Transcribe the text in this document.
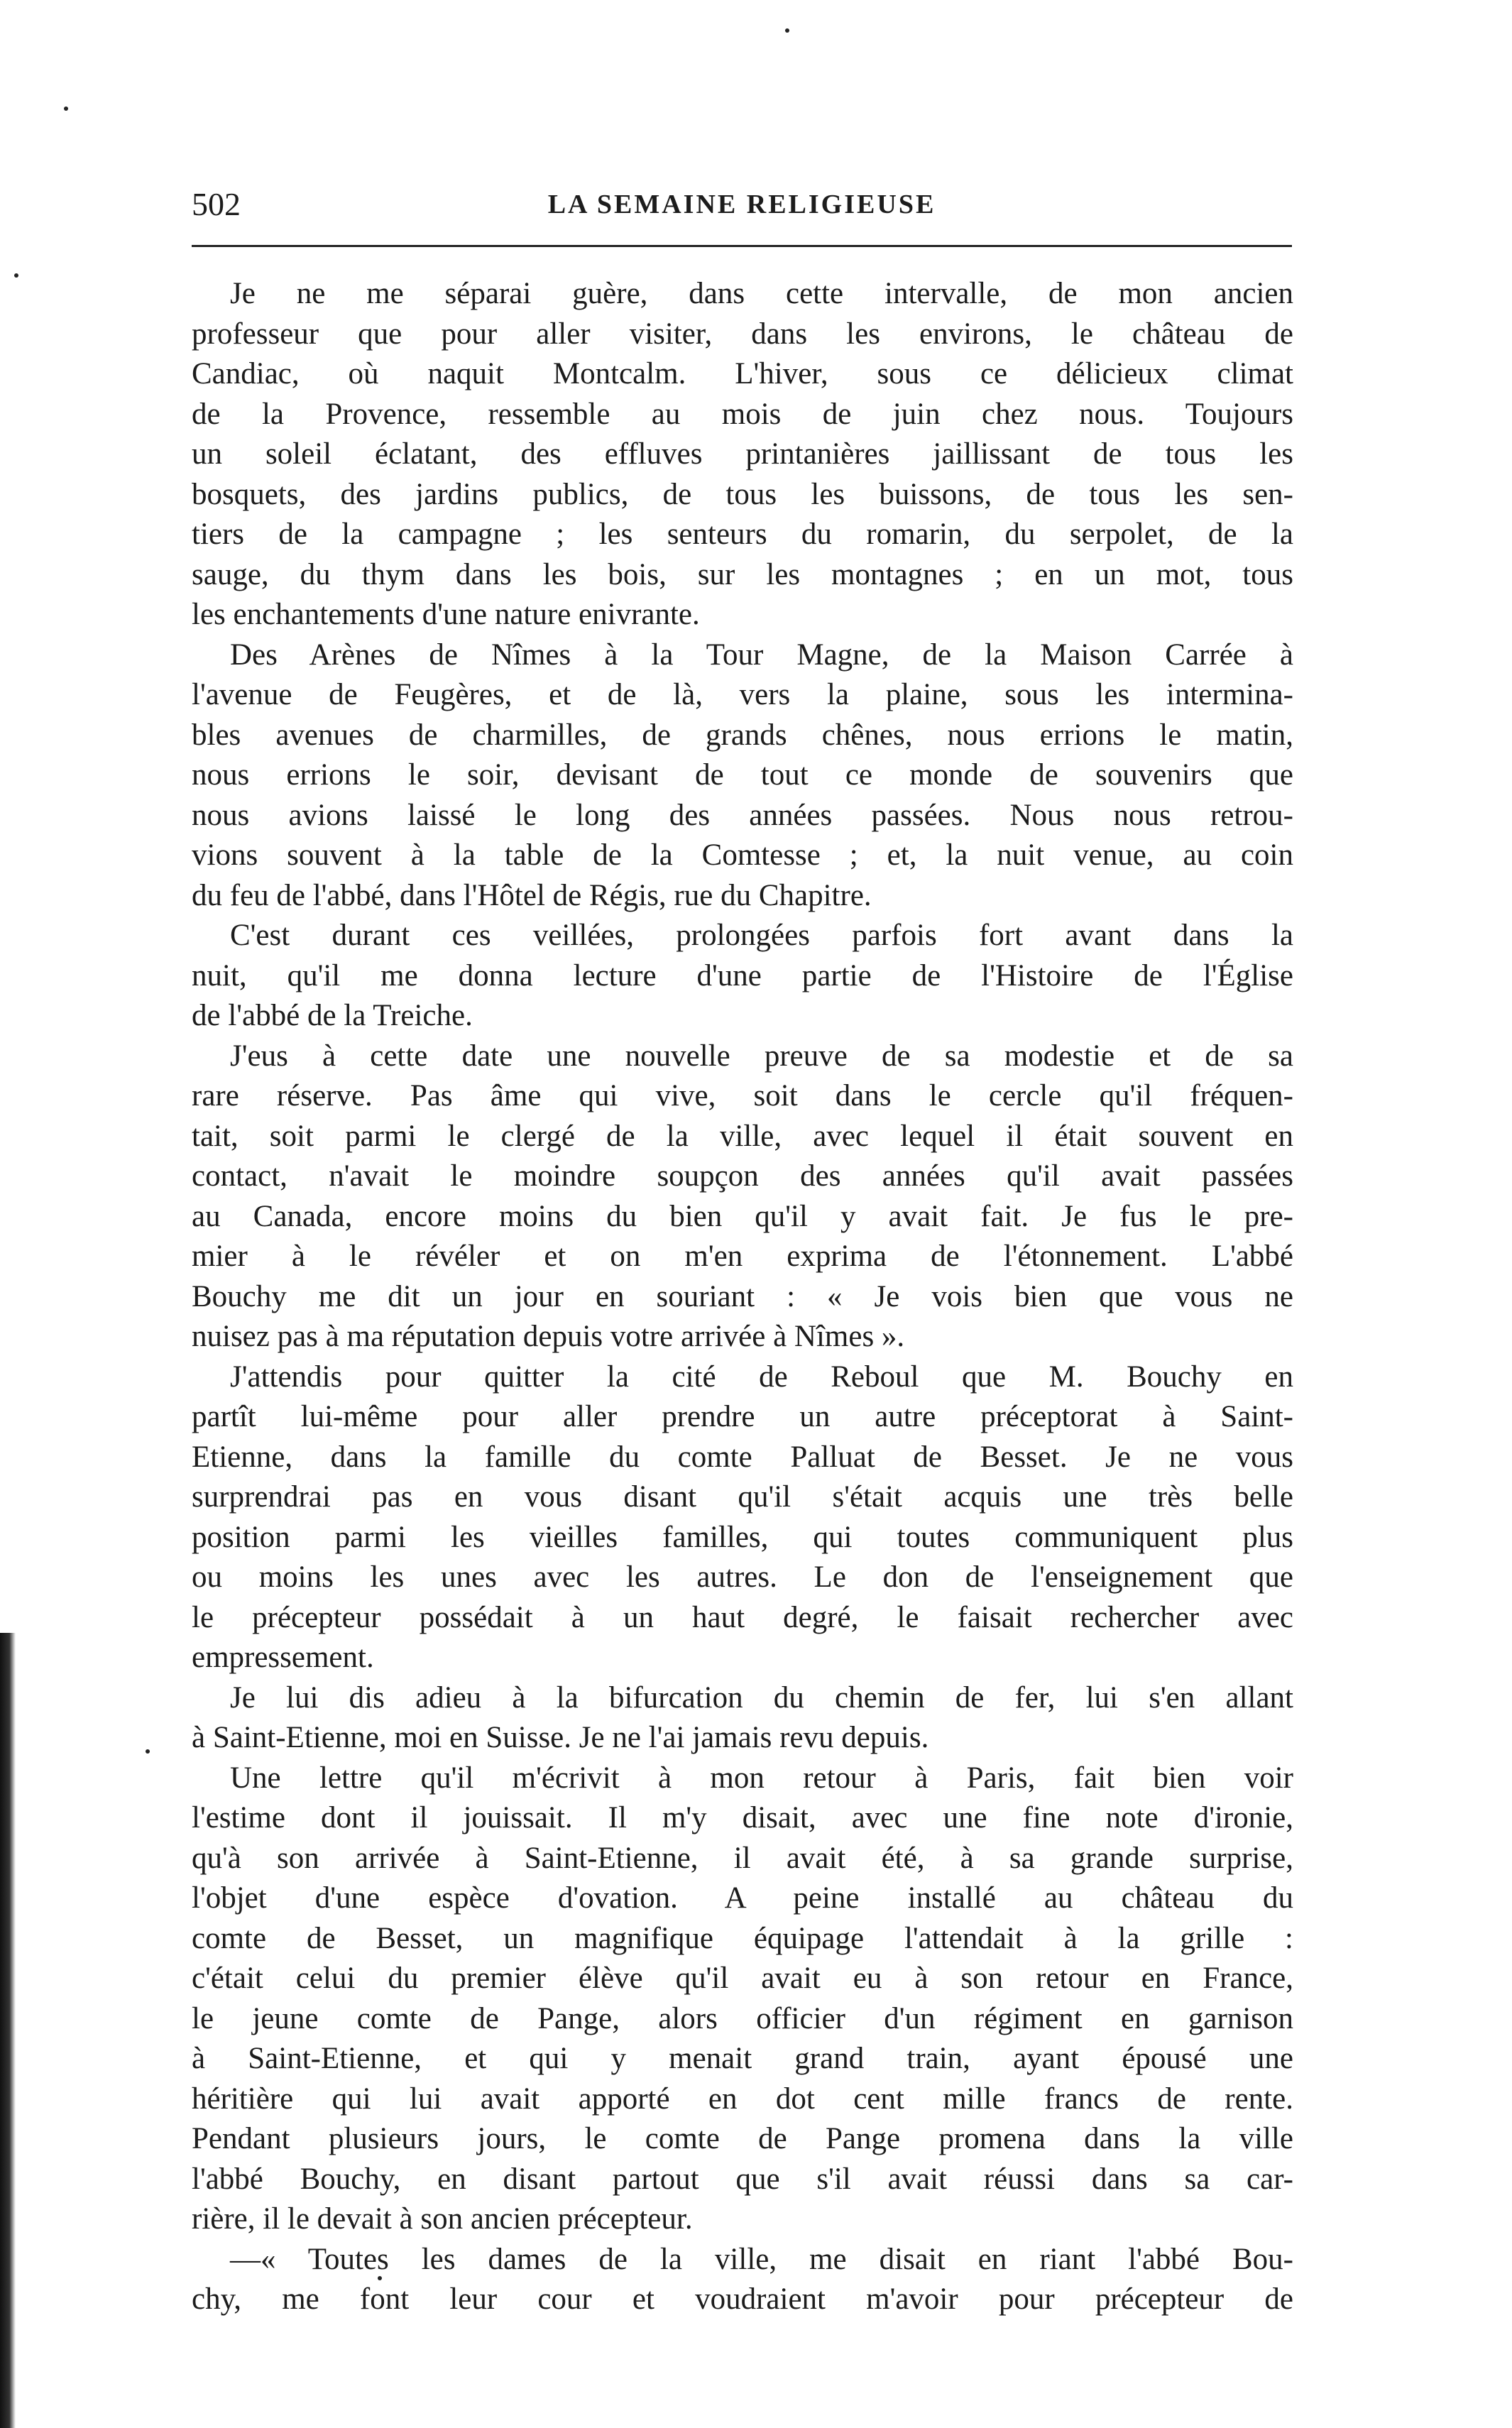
502	LA SEMAINE RELIGIEUSE
Je ne me séparai guère, dans cette intervalle, de mon ancien
professeur que pour aller visiter, dans les environs, le château de
Candiac, où naquit Montcalm. L'hiver, sous ce délicieux climat
de la Provence, ressemble au mois de juin chez nous. Toujours
un soleil éclatant, des effluves printanières jaillissant de tous les
bosquets, des jardins publics, de tous les buissons, de tous les sen-
tiers de la campagne ; les senteurs du romarin, du serpolet, de la
sauge, du thym dans les bois, sur les montagnes ; en un mot, tous
les enchantements d'une nature enivrante.
Des Arènes de Nîmes à la Tour Magne, de la Maison Carrée à
l'avenue de Feugères, et de là, vers la plaine, sous les intermina-
bles avenues de charmilles, de grands chênes, nous errions le matin,
nous errions le soir, devisant de tout ce monde de souvenirs que
nous avions laissé le long des années passées. Nous nous retrou-
vions souvent à la table de la Comtesse ; et, la nuit venue, au coin
du feu de l'abbé, dans l'Hôtel de Régis, rue du Chapitre.
C'est durant ces veillées, prolongées parfois fort avant dans la
nuit, qu'il me donna lecture d'une partie de l'Histoire de l'Église
de l'abbé de la Treiche.
J'eus à cette date une nouvelle preuve de sa modestie et de sa
rare réserve. Pas âme qui vive, soit dans le cercle qu'il fréquen-
tait, soit parmi le clergé de la ville, avec lequel il était souvent en
contact, n'avait le moindre soupçon des années qu'il avait passées
au Canada, encore moins du bien qu'il y avait fait. Je fus le pre-
mier à le révéler et on m'en exprima de l'étonnement. L'abbé
Bouchy me dit un jour en souriant : « Je vois bien que vous ne
nuisez pas à ma réputation depuis votre arrivée à Nîmes ».
J'attendis pour quitter la cité de Reboul que M. Bouchy en
partît lui-même pour aller prendre un autre préceptorat à Saint-
Etienne, dans la famille du comte Palluat de Besset. Je ne vous
surprendrai pas en vous disant qu'il s'était acquis une très belle
position parmi les vieilles familles, qui toutes communiquent plus
ou moins les unes avec les autres. Le don de l'enseignement que
le précepteur possédait à un haut degré, le faisait rechercher avec
empressement.
Je lui dis adieu à la bifurcation du chemin de fer, lui s'en allant
à Saint-Etienne, moi en Suisse. Je ne l'ai jamais revu depuis.
Une lettre qu'il m'écrivit à mon retour à Paris, fait bien voir
l'estime dont il jouissait. Il m'y disait, avec une fine note d'ironie,
qu'à son arrivée à Saint-Etienne, il avait été, à sa grande surprise,
l'objet d'une espèce d'ovation. A peine installé au château du
comte de Besset, un magnifique équipage l'attendait à la grille :
c'était celui du premier élève qu'il avait eu à son retour en France,
le jeune comte de Pange, alors officier d'un régiment en garnison
à Saint-Etienne, et qui y menait grand train, ayant épousé une
héritière qui lui avait apporté en dot cent mille francs de rente.
Pendant plusieurs jours, le comte de Pange promena dans la ville
l'abbé Bouchy, en disant partout que s'il avait réussi dans sa car-
rière, il le devait à son ancien précepteur.
—« Toutes les dames de la ville, me disait en riant l'abbé Bou-
chy, me font leur cour et voudraient m'avoir pour précepteur de
